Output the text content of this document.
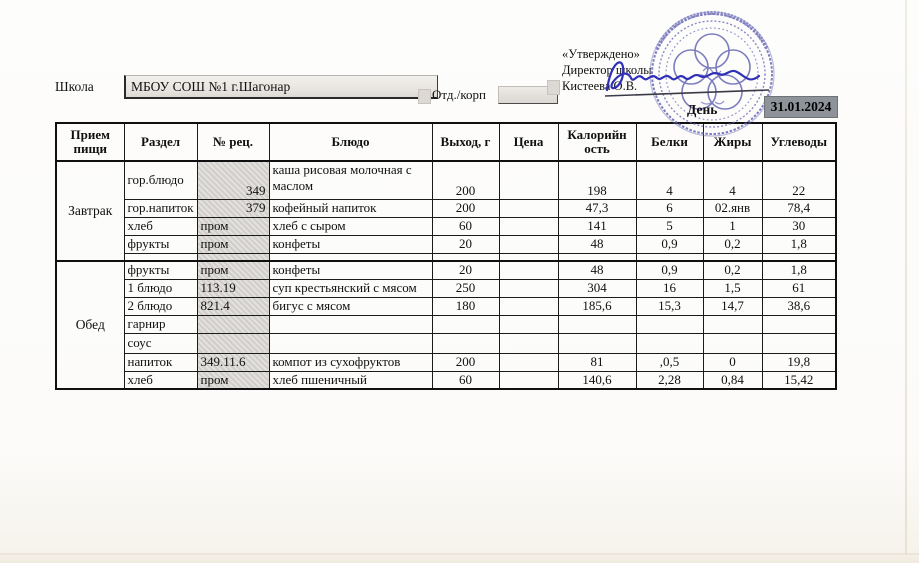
Школа	МБОУ СОШ №1 г.Шагонар
Отд./корп
«Утверждено»
Директор школы
Кистеева О.В.
День	31.01.2024
Прием пищи	Раздел	№ рец.	Блюдо	Выход, г	Цена	Калорийн ость	Белки	Жиры	Углеводы
Завтрак	гор.блюдо	349	каша рисовая молочная с маслом	200		198	4	4	22
	гор.напиток	379	кофейный напиток	200		47,3	6	02.янв	78,4
	хлеб	пром	хлеб с сыром	60		141	5	1	30
	фрукты	пром	конфеты	20		48	0,9	0,2	1,8

Обед	фрукты	пром	конфеты	20		48	0,9	0,2	1,8
	1 блюдо	113.19	суп крестьянский с мясом	250		304	16	1,5	61
	2 блюдо	821.4	бигус с мясом	180		185,6	15,3	14,7	38,6
	гарнир								
	соус								
	напиток	349.11.6	компот из сухофруктов	200		81	,0,5	0	19,8
	хлеб	пром	хлеб пшеничный	60		140,6	2,28	0,84	15,42
